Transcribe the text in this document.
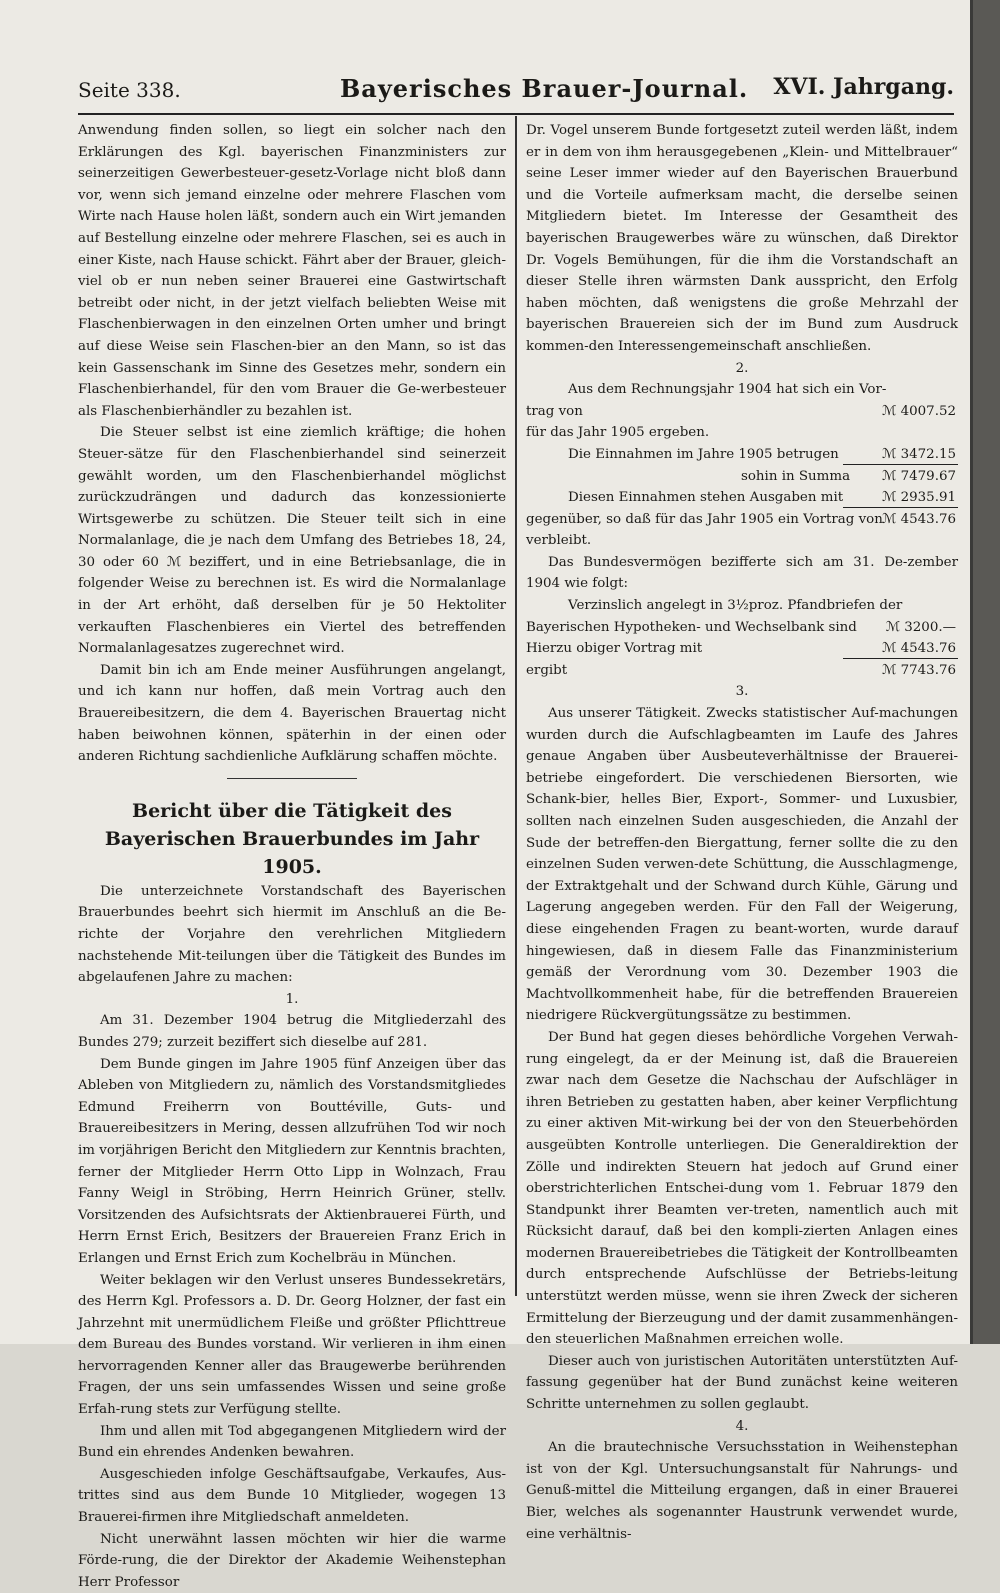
Seite 338.	Bayerisches Brauer-Journal. XVI. Jahrgang.

Anwendung finden sollen, so liegt ein solcher nach den Erklärungen des Kgl. bayerischen Finanzministers zur seinerzeitigen Gewerbesteuer-gesetz-Vorlage nicht bloß dann vor, wenn sich jemand einzelne oder mehrere Flaschen vom Wirte nach Hause holen läßt, sondern auch ein Wirt jemanden auf Bestellung einzelne oder mehrere Flaschen, sei es auch in einer Kiste, nach Hause schickt. Fährt aber der Brauer, gleich-viel ob er nun neben seiner Brauerei eine Gastwirtschaft betreibt oder nicht, in der jetzt vielfach beliebten Weise mit Flaschenbierwagen in den einzelnen Orten umher und bringt auf diese Weise sein Flaschen-bier an den Mann, so ist das kein Gassenschank im Sinne des Gesetzes mehr, sondern ein Flaschenbierhandel, für den vom Brauer die Ge-werbesteuer als Flaschenbierhändler zu bezahlen ist.

Die Steuer selbst ist eine ziemlich kräftige; die hohen Steuer-sätze für den Flaschenbierhandel sind seinerzeit gewählt worden, um den Flaschenbierhandel möglichst zurückzudrängen und dadurch das konzessionierte Wirtsgewerbe zu schützen. Die Steuer teilt sich in eine Normalanlage, die je nach dem Umfang des Betriebes 18, 24, 30 oder 60 ℳ beziffert, und in eine Betriebsanlage, die in folgender Weise zu berechnen ist. Es wird die Normalanlage in der Art erhöht, daß derselben für je 50 Hektoliter verkauften Flaschenbieres ein Viertel des betreffenden Normalanlagesatzes zugerechnet wird.

Damit bin ich am Ende meiner Ausführungen angelangt, und ich kann nur hoffen, daß mein Vortrag auch den Brauereibesitzern, die dem 4. Bayerischen Brauertag nicht haben beiwohnen können, späterhin in der einen oder anderen Richtung sachdienliche Aufklärung schaffen möchte.

Bericht über die Tätigkeit des Bayerischen Brauerbundes im Jahr 1905.

Die unterzeichnete Vorstandschaft des Bayerischen Brauerbundes beehrt sich hiermit im Anschluß an die Be-richte der Vorjahre den verehrlichen Mitgliedern nachstehende Mit-teilungen über die Tätigkeit des Bundes im abgelaufenen Jahre zu machen:

1.

Am 31. Dezember 1904 betrug die Mitgliederzahl des Bundes 279; zurzeit beziffert sich dieselbe auf 281.

Dem Bunde gingen im Jahre 1905 fünf Anzeigen über das Ableben von Mitgliedern zu, nämlich des Vorstandsmitgliedes Edmund Freiherrn von Bouttéville, Guts- und Brauereibesitzers in Mering, dessen allzufrühen Tod wir noch im vorjährigen Bericht den Mitgliedern zur Kenntnis brachten, ferner der Mitglieder Herrn Otto Lipp in Wolnzach, Frau Fanny Weigl in Ströbing, Herrn Heinrich Grüner, stellv. Vorsitzenden des Aufsichtsrats der Aktienbrauerei Fürth, und Herrn Ernst Erich, Besitzers der Brauereien Franz Erich in Erlangen und Ernst Erich zum Kochelbräu in München.

Weiter beklagen wir den Verlust unseres Bundessekretärs, des Herrn Kgl. Professors a. D. Dr. Georg Holzner, der fast ein Jahrzehnt mit unermüdlichem Fleiße und größter Pflichttreue dem Bureau des Bundes vorstand. Wir verlieren in ihm einen hervorragenden Kenner aller das Braugewerbe berührenden Fragen, der uns sein umfassendes Wissen und seine große Erfah-rung stets zur Verfügung stellte.

Ihm und allen mit Tod abgegangenen Mitgliedern wird der Bund ein ehrendes Andenken bewahren.

Ausgeschieden infolge Geschäftsaufgabe, Verkaufes, Aus-trittes sind aus dem Bunde 10 Mitglieder, wogegen 13 Brauerei-firmen ihre Mitgliedschaft anmeldeten.

Nicht unerwähnt lassen möchten wir hier die warme Förde-rung, die der Direktor der Akademie Weihenstephan Herr Professor

Dr. Vogel unserem Bunde fortgesetzt zuteil werden läßt, indem er in dem von ihm herausgegebenen „Klein- und Mittelbrauer“ seine Leser immer wieder auf den Bayerischen Brauerbund und die Vorteile aufmerksam macht, die derselbe seinen Mitgliedern bietet. Im Interesse der Gesamtheit des bayerischen Braugewerbes wäre zu wünschen, daß Direktor Dr. Vogels Bemühungen, für die ihm die Vorstandschaft an dieser Stelle ihren wärmsten Dank ausspricht, den Erfolg haben möchten, daß wenigstens die große Mehrzahl der bayerischen Brauereien sich der im Bund zum Ausdruck kommen-den Interessengemeinschaft anschließen.

2.

Aus dem Rechnungsjahr 1904 hat sich ein Vor-
trag von	ℳ 4007.52
für das Jahr 1905 ergeben.
Die Einnahmen im Jahre 1905 betrugen	ℳ 3472.15
sohin in Summa ℳ 7479.67
Diesen Einnahmen stehen Ausgaben mit	ℳ 2935.91
gegenüber, so daß für das Jahr 1905 ein Vortrag von ℳ 4543.76
verbleibt.

Das Bundesvermögen bezifferte sich am 31. De-zember 1904 wie folgt:

Verzinslich angelegt in 3½proz. Pfandbriefen der
Bayerischen Hypotheken- und Wechselbank sind ℳ 3200.—
Hierzu obiger Vortrag mit	ℳ 4543.76
ergibt	ℳ 7743.76

3.

Aus unserer Tätigkeit. Zwecks statistischer Auf-machungen wurden durch die Aufschlagbeamten im Laufe des Jahres genaue Angaben über Ausbeuteverhältnisse der Brauerei-betriebe eingefordert. Die verschiedenen Biersorten, wie Schank-bier, helles Bier, Export-, Sommer- und Luxusbier, sollten nach einzelnen Suden ausgeschieden, die Anzahl der Sude der betreffen-den Biergattung, ferner sollte die zu den einzelnen Suden verwen-dete Schüttung, die Ausschlagmenge, der Extraktgehalt und der Schwand durch Kühle, Gärung und Lagerung angegeben werden. Für den Fall der Weigerung, diese eingehenden Fragen zu beant-worten, wurde darauf hingewiesen, daß in diesem Falle das Finanzministerium gemäß der Verordnung vom 30. Dezember 1903 die Machtvollkommenheit habe, für die betreffenden Brauereien niedrigere Rückvergütungssätze zu bestimmen.

Der Bund hat gegen dieses behördliche Vorgehen Verwah-rung eingelegt, da er der Meinung ist, daß die Brauereien zwar nach dem Gesetze die Nachschau der Aufschläger in ihren Betrieben zu gestatten haben, aber keiner Verpflichtung zu einer aktiven Mit-wirkung bei der von den Steuerbehörden ausgeübten Kontrolle unterliegen. Die Generaldirektion der Zölle und indirekten Steuern hat jedoch auf Grund einer oberstrichterlichen Entschei-dung vom 1. Februar 1879 den Standpunkt ihrer Beamten ver-treten, namentlich auch mit Rücksicht darauf, daß bei den kompli-zierten Anlagen eines modernen Brauereibetriebes die Tätigkeit der Kontrollbeamten durch entsprechende Aufschlüsse der Betriebs-leitung unterstützt werden müsse, wenn sie ihren Zweck der sicheren Ermittelung der Bierzeugung und der damit zusammenhängen-den steuerlichen Maßnahmen erreichen wolle.

Dieser auch von juristischen Autoritäten unterstützten Auf-fassung gegenüber hat der Bund zunächst keine weiteren Schritte unternehmen zu sollen geglaubt.

4.

An die brautechnische Versuchsstation in Weihenstephan ist von der Kgl. Untersuchungsanstalt für Nahrungs- und Genuß-mittel die Mitteilung ergangen, daß in einer Brauerei Bier, welches als sogenannter Haustrunk verwendet wurde, eine verhältnis-
